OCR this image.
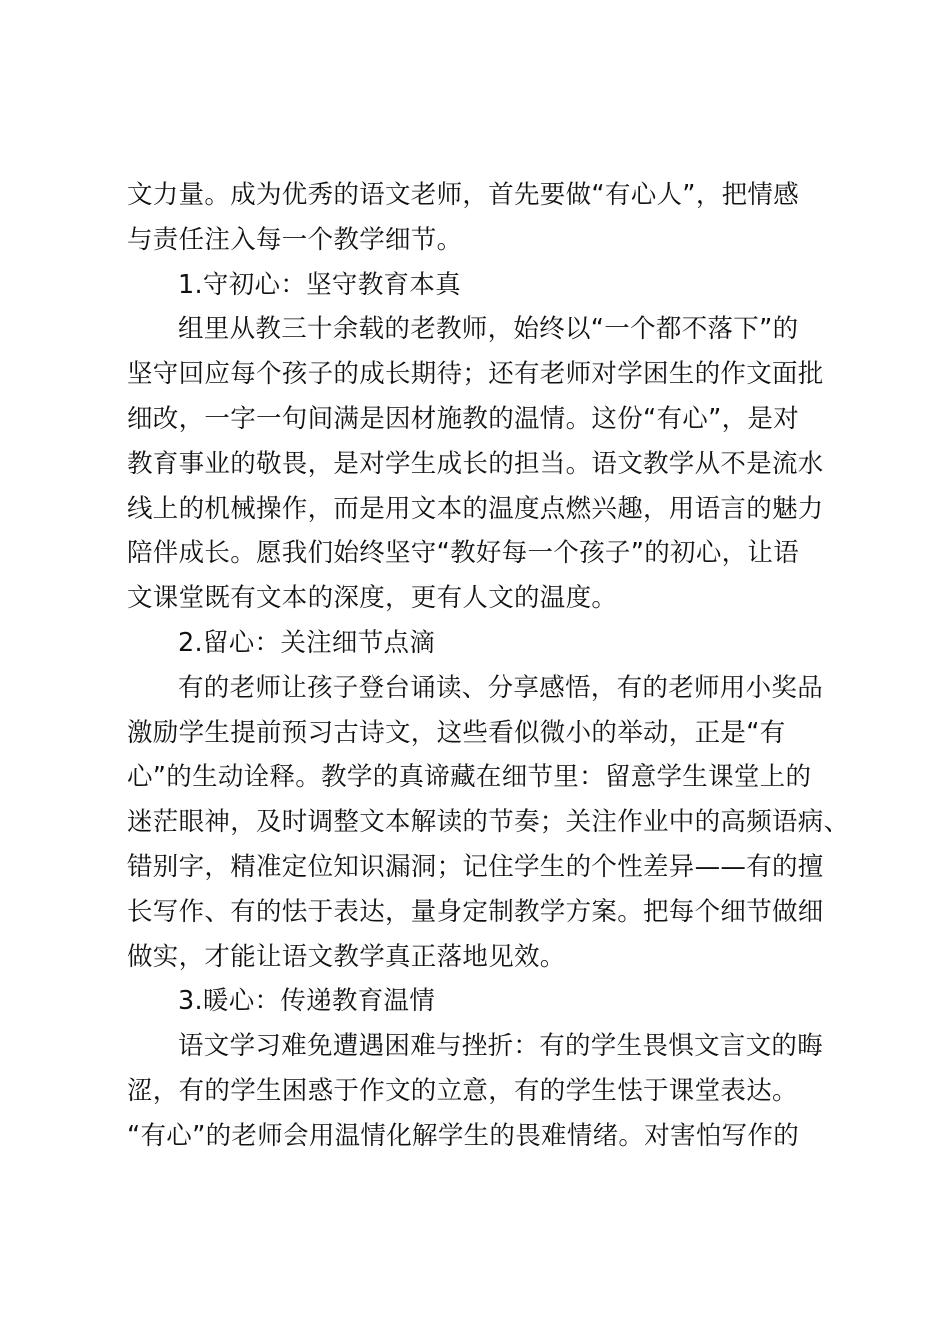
文力量。成为优秀的语文老师，首先要做“有心人”，把情感
与责任注入每一个教学细节。
1.守初心：坚守教育本真
组里从教三十余载的老教师，始终以“一个都不落下”的
坚守回应每个孩子的成长期待；还有老师对学困生的作文面批
细改，一字一句间满是因材施教的温情。这份“有心”，是对
教育事业的敬畏，是对学生成长的担当。语文教学从不是流水
线上的机械操作，而是用文本的温度点燃兴趣，用语言的魅力
陪伴成长。愿我们始终坚守“教好每一个孩子”的初心，让语
文课堂既有文本的深度，更有人文的温度。
2.留心：关注细节点滴
有的老师让孩子登台诵读、分享感悟，有的老师用小奖品
激励学生提前预习古诗文，这些看似微小的举动，正是“有
心”的生动诠释。教学的真谛藏在细节里：留意学生课堂上的
迷茫眼神，及时调整文本解读的节奏；关注作业中的高频语病、
错别字，精准定位知识漏洞；记住学生的个性差异——有的擅
长写作、有的怯于表达，量身定制教学方案。把每个细节做细
做实，才能让语文教学真正落地见效。
3.暖心：传递教育温情
语文学习难免遭遇困难与挫折：有的学生畏惧文言文的晦
涩，有的学生困惑于作文的立意，有的学生怯于课堂表达。
“有心”的老师会用温情化解学生的畏难情绪。对害怕写作的
